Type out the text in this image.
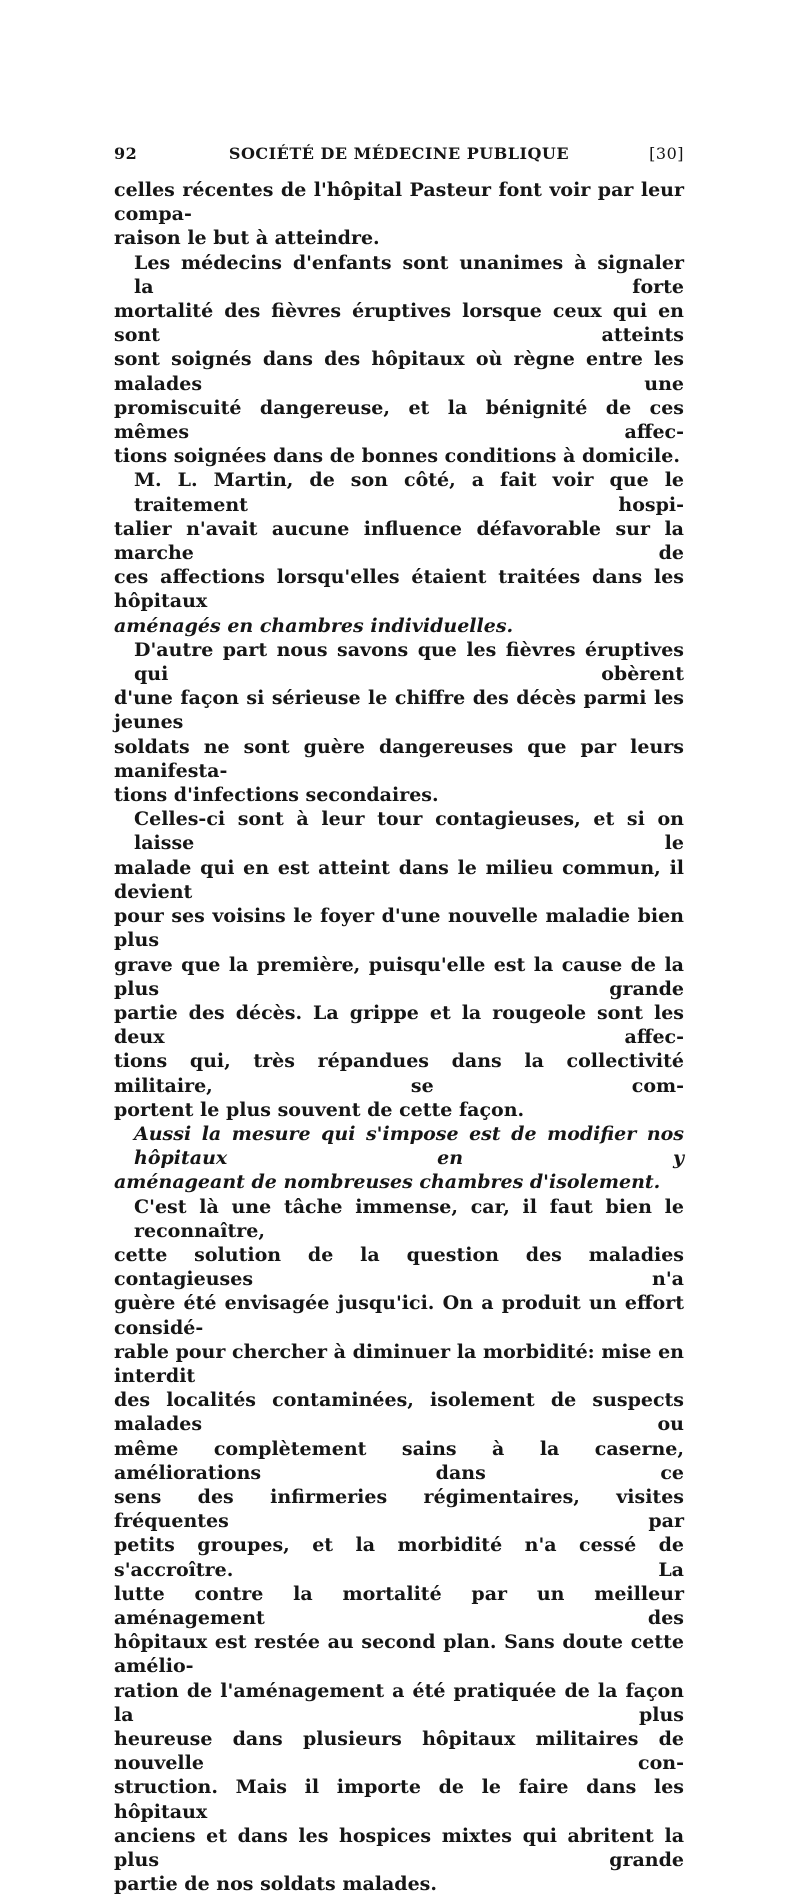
92	SOCIÉTÉ DE MÉDECINE PUBLIQUE	[30]
celles récentes de l'hôpital Pasteur font voir par leur compa-
raison le but à atteindre.
Les médecins d'enfants sont unanimes à signaler la forte
mortalité des fièvres éruptives lorsque ceux qui en sont atteints
sont soignés dans des hôpitaux où règne entre les malades une
promiscuité dangereuse, et la bénignité de ces mêmes affec-
tions soignées dans de bonnes conditions à domicile.
M. L. Martin, de son côté, a fait voir que le traitement hospi-
talier n'avait aucune influence défavorable sur la marche de
ces affections lorsqu'elles étaient traitées dans les hôpitaux
aménagés en chambres individuelles.
D'autre part nous savons que les fièvres éruptives qui obèrent
d'une façon si sérieuse le chiffre des décès parmi les jeunes
soldats ne sont guère dangereuses que par leurs manifesta-
tions d'infections secondaires.
Celles-ci sont à leur tour contagieuses, et si on laisse le
malade qui en est atteint dans le milieu commun, il devient
pour ses voisins le foyer d'une nouvelle maladie bien plus
grave que la première, puisqu'elle est la cause de la plus grande
partie des décès. La grippe et la rougeole sont les deux affec-
tions qui, très répandues dans la collectivité militaire, se com-
portent le plus souvent de cette façon.
Aussi la mesure qui s'impose est de modifier nos hôpitaux en y
aménageant de nombreuses chambres d'isolement.
C'est là une tâche immense, car, il faut bien le reconnaître,
cette solution de la question des maladies contagieuses n'a
guère été envisagée jusqu'ici. On a produit un effort considé-
rable pour chercher à diminuer la morbidité: mise en interdit
des localités contaminées, isolement de suspects malades ou
même complètement sains à la caserne, améliorations dans ce
sens des infirmeries régimentaires, visites fréquentes par
petits groupes, et la morbidité n'a cessé de s'accroître. La
lutte contre la mortalité par un meilleur aménagement des
hôpitaux est restée au second plan. Sans doute cette amélio-
ration de l'aménagement a été pratiquée de la façon la plus
heureuse dans plusieurs hôpitaux militaires de nouvelle con-
struction. Mais il importe de le faire dans les hôpitaux
anciens et dans les hospices mixtes qui abritent la plus grande
partie de nos soldats malades.
